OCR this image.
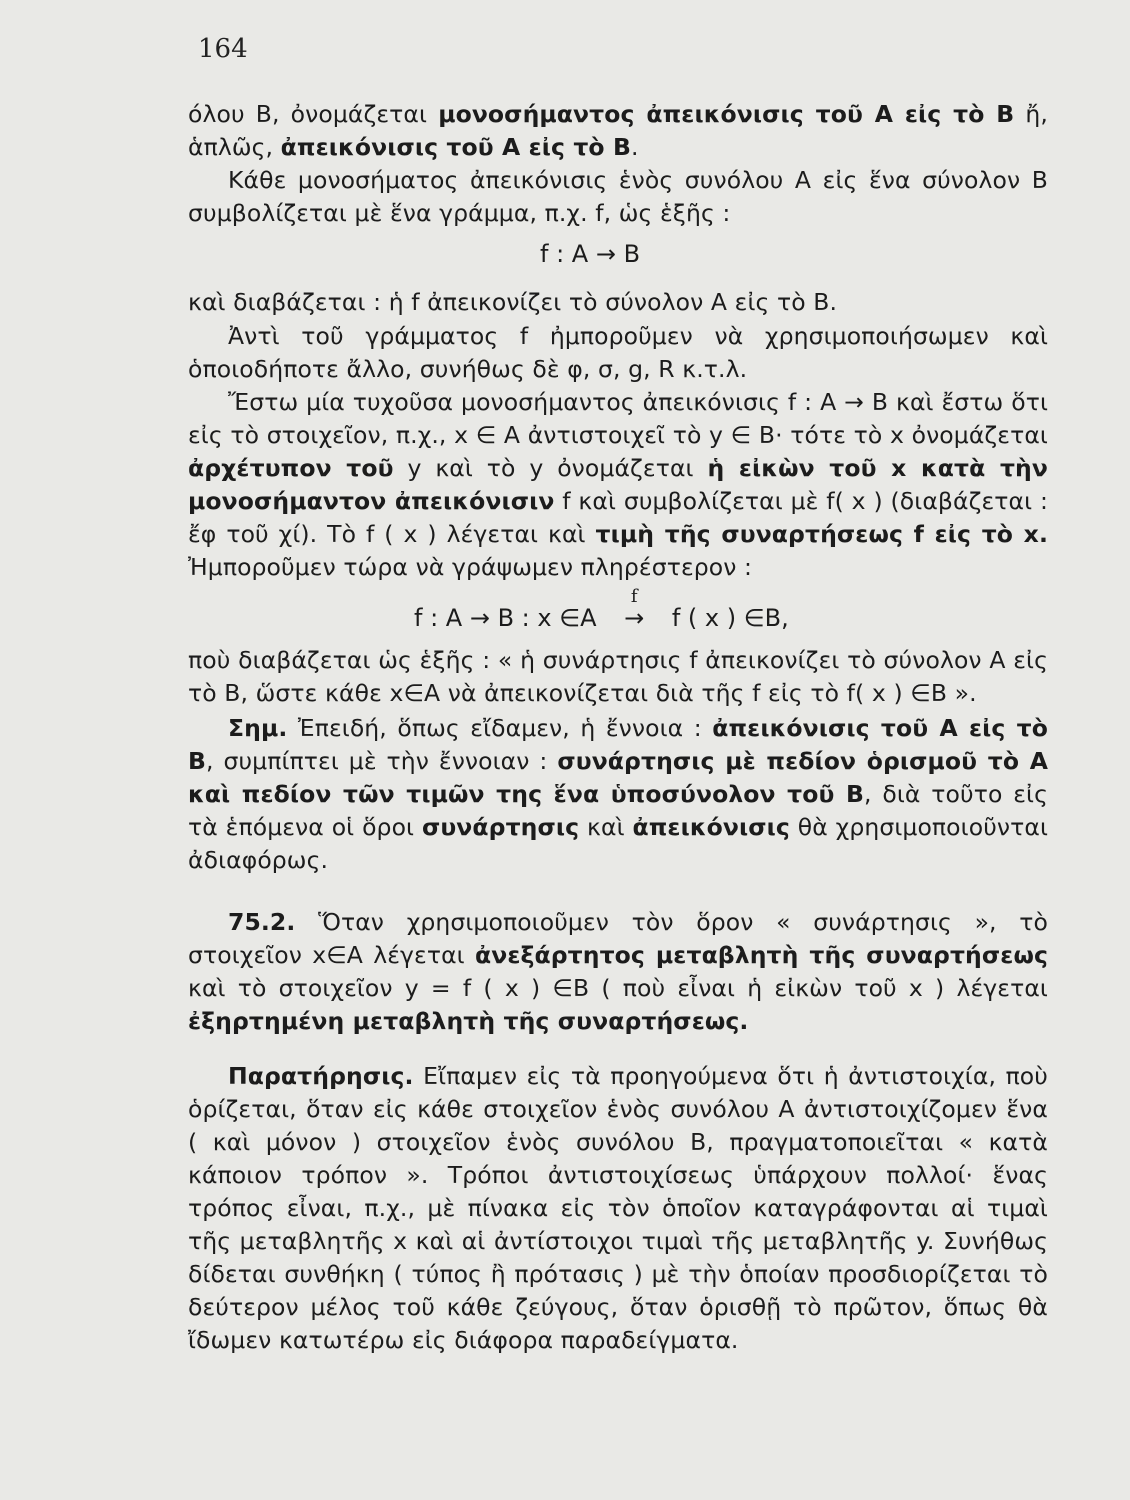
164
όλου Β, ὀνομάζεται μονοσήμαντος ἀπεικόνισις τοῦ Α εἰς τὸ Β ἤ, ἁπλῶς, ἀπεικόνισις τοῦ Α εἰς τὸ Β.
Κάθε μονοσήματος ἀπεικόνισις ἑνὸς συνόλου Α εἰς ἕνα σύνολον Β συμβολίζεται μὲ ἕνα γράμμα, π.χ. f, ὡς ἑξῆς :
f : A → B
καὶ διαβάζεται : ἡ f ἀπεικονίζει τὸ σύνολον Α εἰς τὸ Β.
Ἀντὶ τοῦ γράμματος f ἠμποροῦμεν νὰ χρησιμοποιήσωμεν καὶ ὁποιοδήποτε ἄλλο, συνήθως δὲ φ, σ, g, R κ.τ.λ.
Ἔστω μία τυχοῦσα μονοσήμαντος ἀπεικόνισις f : Α → Β καὶ ἔστω ὅτι εἰς τὸ στοιχεῖον, π.χ., x ∈ Α ἀντιστοιχεῖ τὸ y ∈ Β· τότε τὸ x ὀνομάζεται ἀρχέτυπον τοῦ y καὶ τὸ y ὀνομάζεται ἡ εἰκὼν τοῦ x κατὰ τὴν μονοσήμαντον ἀπεικόνισιν f καὶ συμβολίζεται μὲ f( x ) (διαβάζεται : ἔφ τοῦ χί). Τὸ f ( x ) λέγεται καὶ τιμὴ τῆς συναρτήσεως f εἰς τὸ x. Ἠμποροῦμεν τώρα νὰ γράψωμεν πληρέστερον :
f : A → B : x ∈A
f
→ f ( x ) ∈B,
ποὺ διαβάζεται ὡς ἑξῆς : « ἡ συνάρτησις f ἀπεικονίζει τὸ σύνολον Α εἰς τὸ Β, ὥστε κάθε x∈Α νὰ ἀπεικονίζεται διὰ τῆς f εἰς τὸ f( x ) ∈Β ».
Σημ. Ἐπειδή, ὅπως εἴδαμεν, ἡ ἔννοια : ἀπεικόνισις τοῦ Α εἰς τὸ Β, συμπίπτει μὲ τὴν ἔννοιαν : συνάρτησις μὲ πεδίον ὁρισμοῦ τὸ Α καὶ πεδίον τῶν τιμῶν της ἕνα ὑποσύνολον τοῦ Β, διὰ τοῦτο εἰς τὰ ἑπόμενα οἱ ὅροι συνάρτησις καὶ ἀπεικόνισις θὰ χρησιμοποιοῦνται ἀδιαφόρως.
75.2. Ὅταν χρησιμοποιοῦμεν τὸν ὅρον « συνάρτησις », τὸ στοιχεῖον x∈Α λέγεται ἀνεξάρτητος μεταβλητὴ τῆς συναρτήσεως καὶ τὸ στοιχεῖον y = f ( x ) ∈Β ( ποὺ εἶναι ἡ εἰκὼν τοῦ x ) λέγεται ἐξηρτημένη μεταβλητὴ τῆς συναρτήσεως.
Παρατήρησις. Εἴπαμεν εἰς τὰ προηγούμενα ὅτι ἡ ἀντιστοιχία, ποὺ ὁρίζεται, ὅταν εἰς κάθε στοιχεῖον ἑνὸς συνόλου Α ἀντιστοιχίζομεν ἕνα ( καὶ μόνον ) στοιχεῖον ἑνὸς συνόλου Β, πραγματοποιεῖται « κατὰ κάποιον τρόπον ». Τρόποι ἀντιστοιχίσεως ὑπάρχουν πολλοί· ἕνας τρόπος εἶναι, π.χ., μὲ πίνακα εἰς τὸν ὁποῖον καταγράφονται αἱ τιμαὶ τῆς μεταβλητῆς x καὶ αἱ ἀντίστοιχοι τιμαὶ τῆς μεταβλητῆς y. Συνήθως δίδεται συνθήκη ( τύπος ἢ πρότασις ) μὲ τὴν ὁποίαν προσδιορίζεται τὸ δεύτερον μέλος τοῦ κάθε ζεύγους, ὅταν ὁρισθῇ τὸ πρῶτον, ὅπως θὰ ἴδωμεν κατωτέρω εἰς διάφορα παραδείγματα.
